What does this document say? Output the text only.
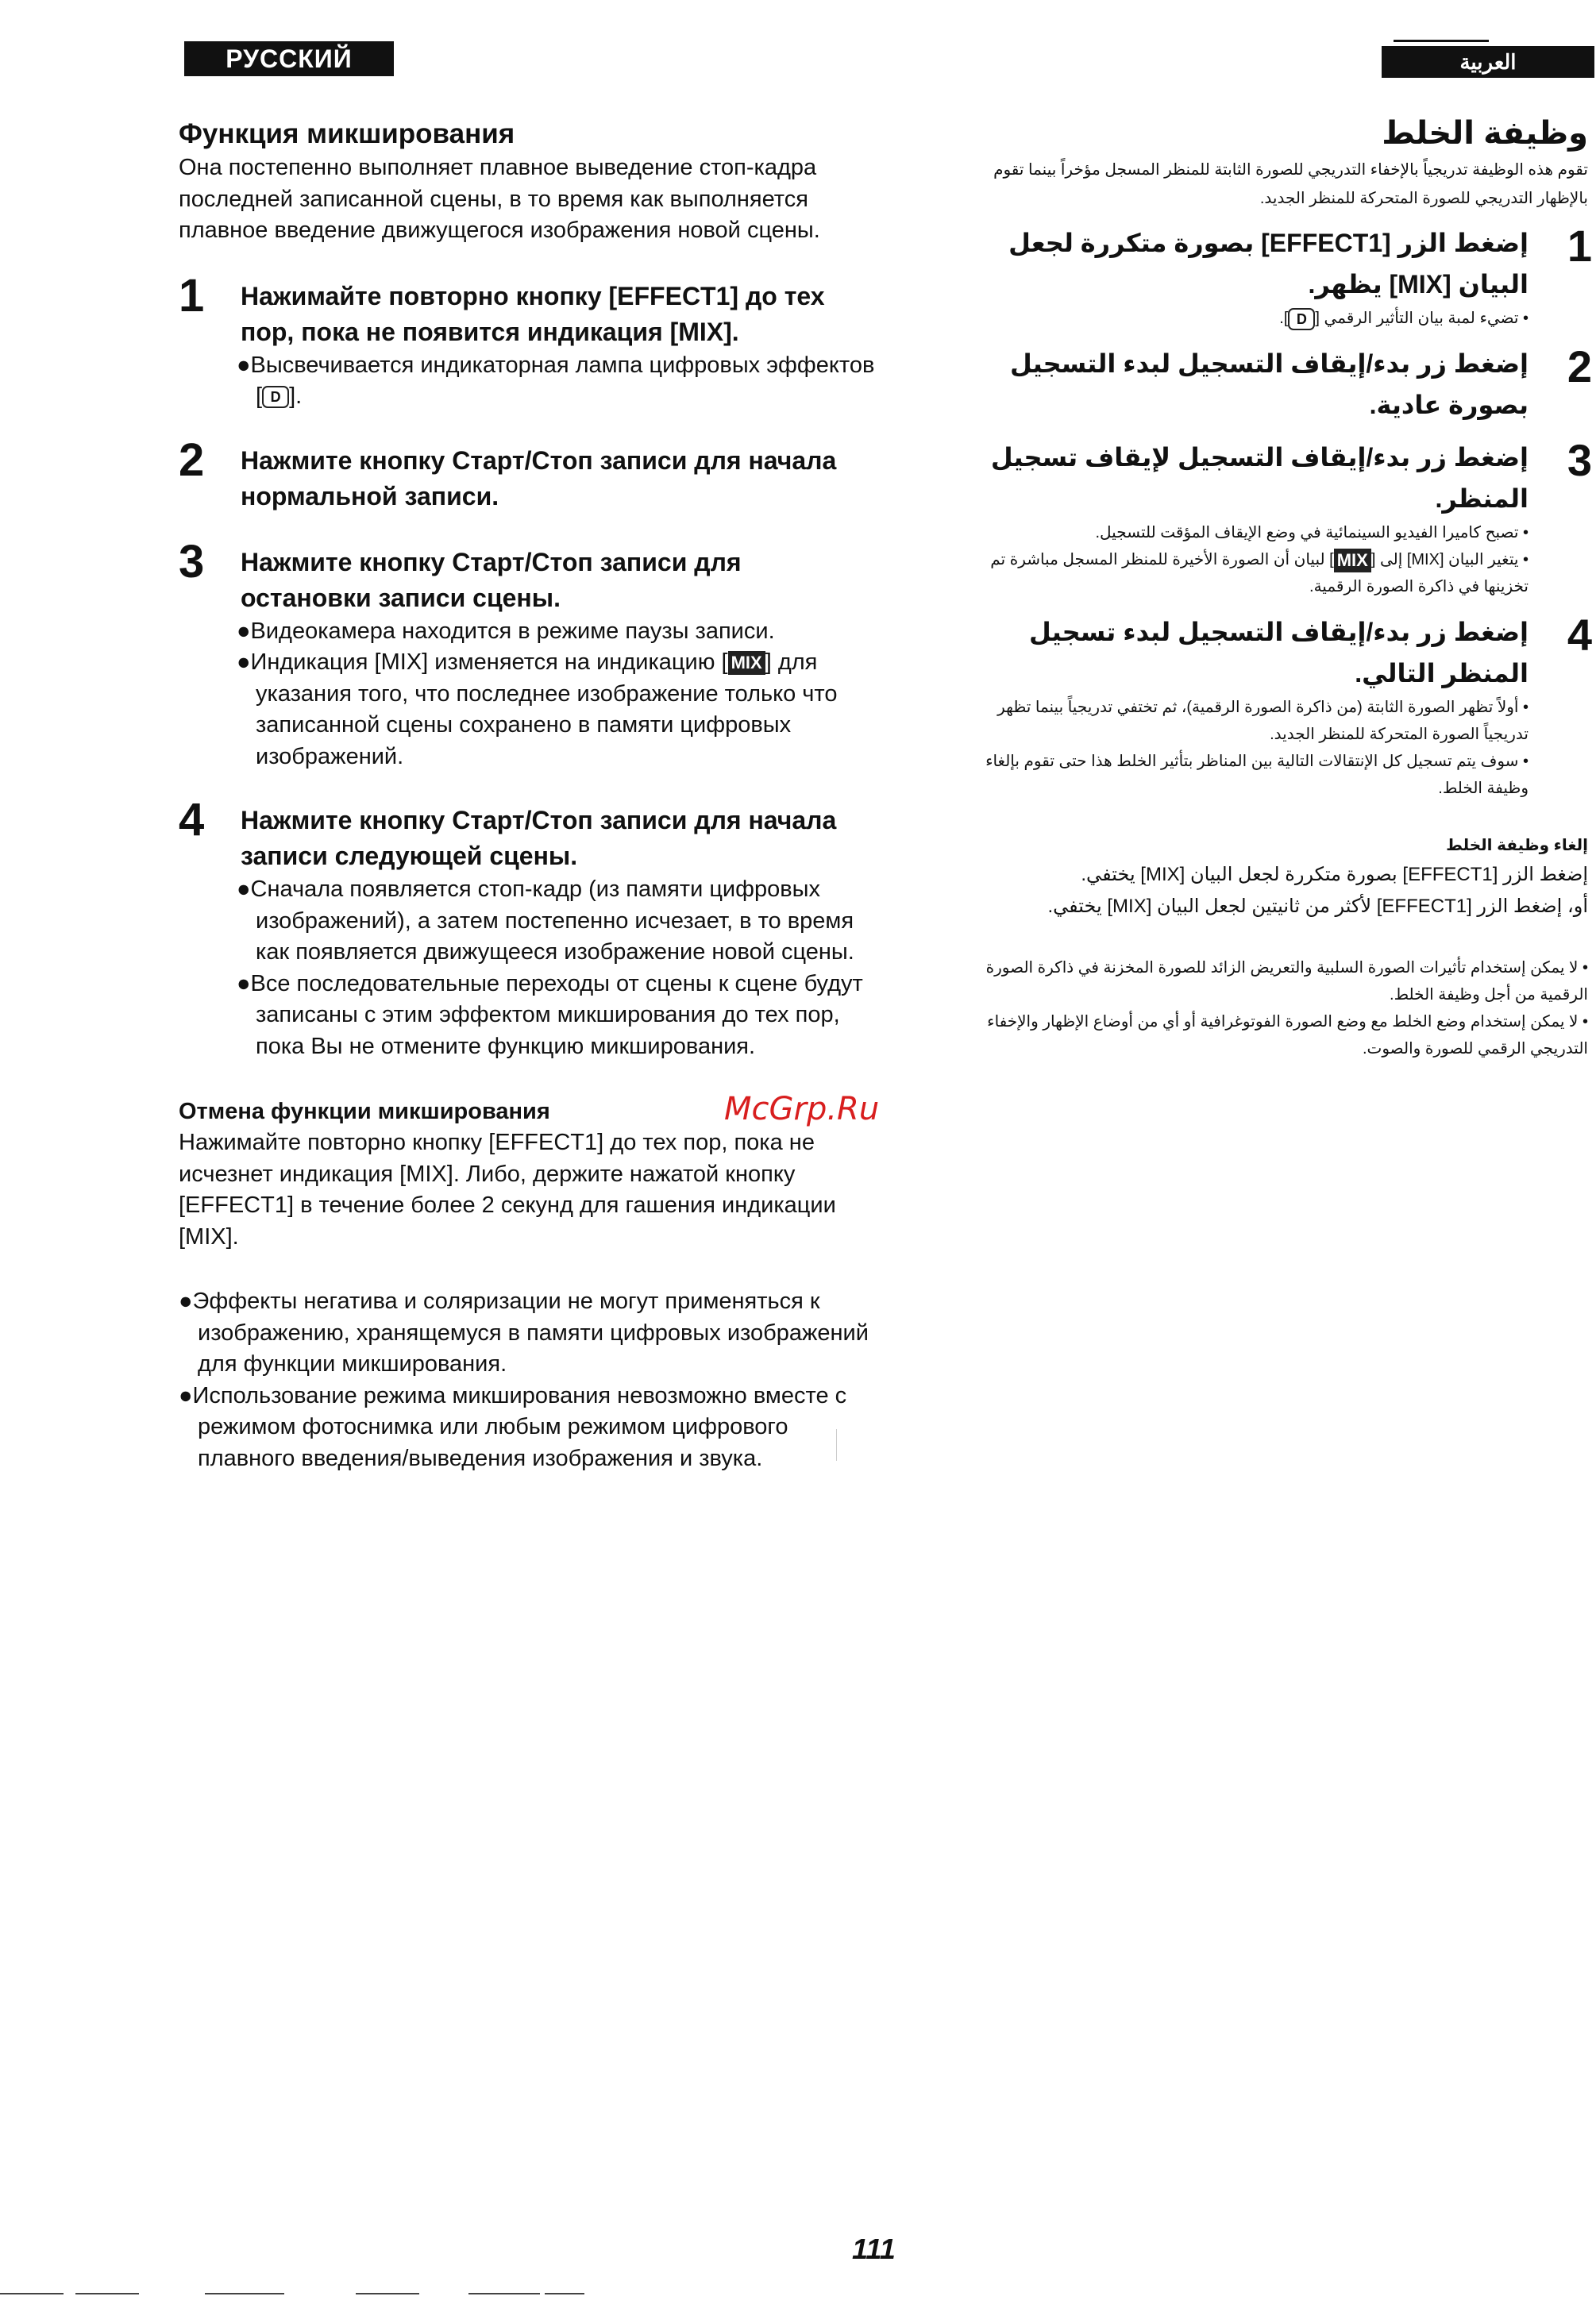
РУССКИЙ ЯЗЫК
العربية

Функция микширования

Она постепенно выполняет плавное выведение стоп-кадра последней записанной сцены, в то время как выполняется плавное введение движущегося изображения новой сцены.

1 Нажимайте повторно кнопку [EFFECT1] до тех пор, пока не появится индикация [MIX].
●Высвечивается индикаторная лампа цифровых эффектов [ D ].
2 Нажмите кнопку Старт/Стоп записи для начала нормальной записи.
3 Нажмите кнопку Старт/Стоп записи для остановки записи сцены.
●Видеокамера находится в режиме паузы записи.
●Индикация [MIX] изменяется на индикацию [ MIX ] для указания того, что последнее изображение только что записанной сцены сохранено в памяти цифровых изображений.
4 Нажмите кнопку Старт/Стоп записи для начала записи следующей сцены.
●Сначала появляется стоп-кадр (из памяти цифровых изображений), а затем постепенно исчезает, в то время как появляется движущееся изображение новой сцены.
●Все последовательные переходы от сцены к сцене будут записаны с этим эффектом микширования до тех пор, пока Вы не отмените функцию микширования.

Отмена функции микширования

Нажимайте повторно кнопку [EFFECT1] до тех пор, пока не исчезнет индикация [MIX]. Либо, держите нажатой кнопку [EFFECT1] в течение более 2 секунд для гашения индикации [MIX].

●Эффекты негатива и соляризации не могут применяться к изображению, хранящемуся в памяти цифровых изображений для функции микширования.
●Использование режима микширования невозможно вместе с режимом фотоснимка или любым режимом цифрового плавного введения/выведения изображения и звука.

وظيفة الخلط

تقوم هذه الوظيفة تدريجياً بالإخفاء التدريجي للصورة الثابتة للمنظر المسجل مؤخراً بينما تقوم بالإظهار التدريجي للصورة المتحركة للمنظر الجديد.

1
إضغط الزر [EFFECT1] بصورة متكررة لجعل البيان [MIX] يظهر.
• تضيء لمبة بيان التأثير الرقمي [D].
2
إضغط زر بدء/إيقاف التسجيل لبدء التسجيل بصورة عادية.
3
إضغط زر بدء/إيقاف التسجيل لإيقاف تسجيل المنظر.
• تصبح كاميرا الفيديو السينمائية في وضع الإيقاف المؤقت للتسجيل.
• يتغير البيان [MIX] إلى [MIX] لبيان أن الصورة الأخيرة للمنظر المسجل مباشرة تم تخزينها في ذاكرة الصورة الرقمية.
4
إضغط زر بدء/إيقاف التسجيل لبدء تسجيل المنظر التالي.
• أولاً تظهر الصورة الثابتة (من ذاكرة الصورة الرقمية)، ثم تختفي تدريجياً بينما تظهر تدريجياً الصورة المتحركة للمنظر الجديد.
• سوف يتم تسجيل كل الإنتقالات التالية بين المناظر بتأثير الخلط هذا حتى تقوم بإلغاء وظيفة الخلط.

إلغاء وظيفة الخلط

إضغط الزر [EFFECT1] بصورة متكررة لجعل البيان [MIX] يختفي.
أو، إضغط الزر [EFFECT1] لأكثر من ثانيتين لجعل البيان [MIX] يختفي.
• لا يمكن إستخدام تأثيرات الصورة السلبية والتعريض الزائد للصورة المخزنة في ذاكرة الصورة الرقمية من أجل وظيفة الخلط.
• لا يمكن إستخدام وضع الخلط مع وضع الصورة الفوتوغرافية أو أي من أوضاع الإظهار والإخفاء التدريجي الرقمي للصورة والصوت.
McGrp.Ru
111
